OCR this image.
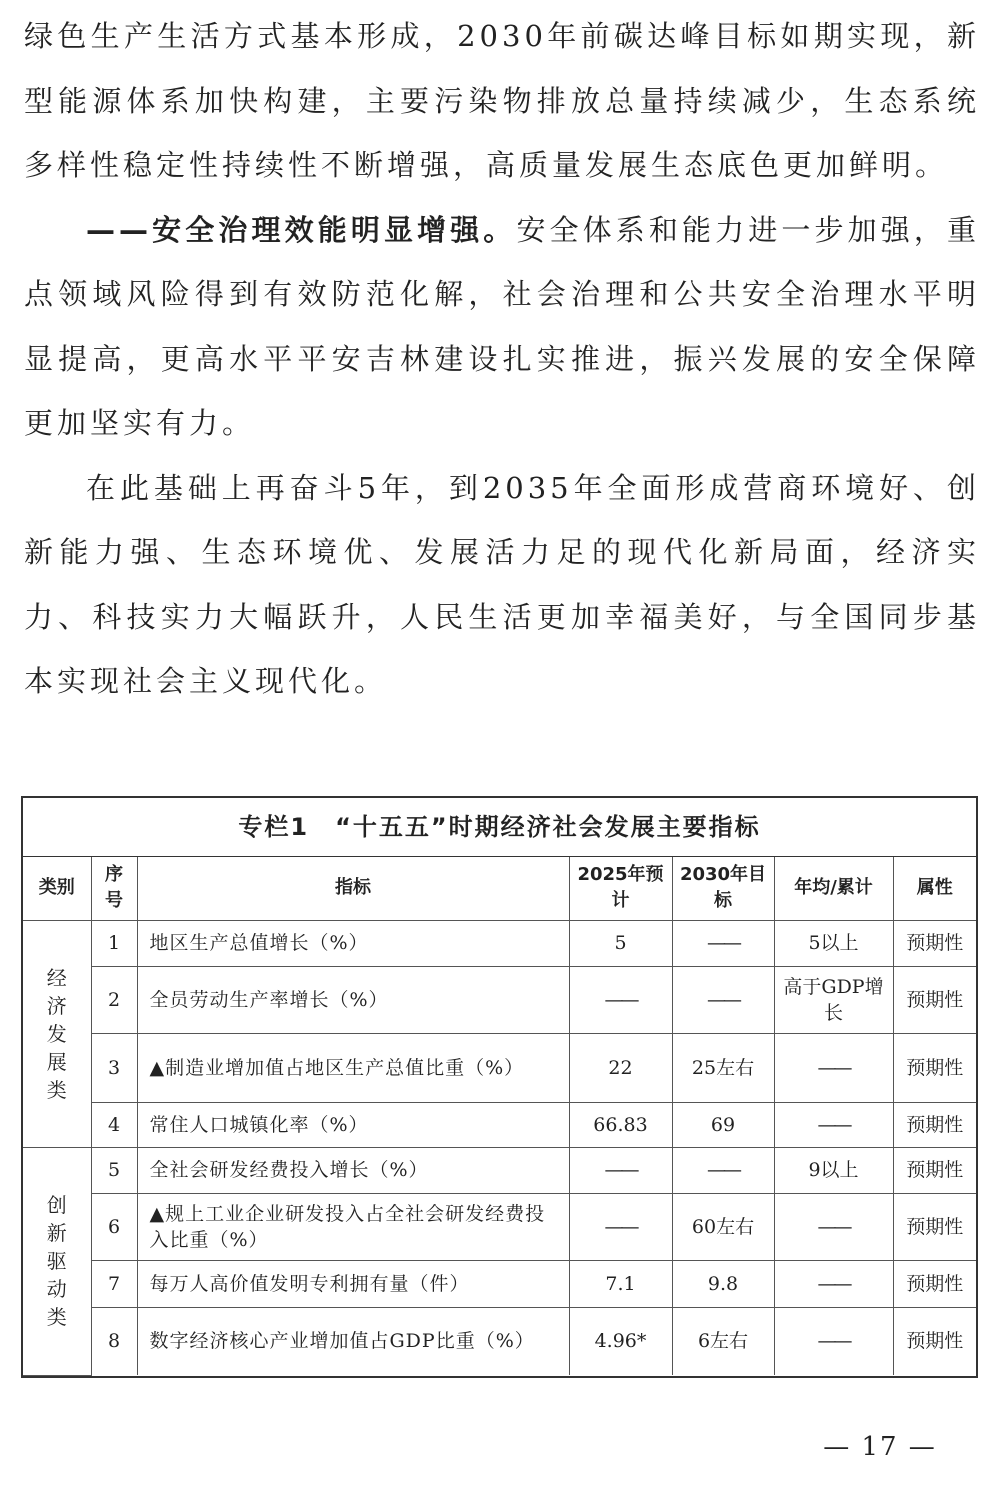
绿色生产生活方式基本形成，2030年前碳达峰目标如期实现，新型能源体系加快构建，主要污染物排放总量持续减少，生态系统多样性稳定性持续性不断增强，高质量发展生态底色更加鲜明。

——安全治理效能明显增强。安全体系和能力进一步加强，重点领域风险得到有效防范化解，社会治理和公共安全治理水平明显提高，更高水平平安吉林建设扎实推进，振兴发展的安全保障更加坚实有力。

在此基础上再奋斗5年，到2035年全面形成营商环境好、创新能力强、生态环境优、发展活力足的现代化新局面，经济实力、科技实力大幅跃升，人民生活更加幸福美好，与全国同步基本实现社会主义现代化。

专栏1　“十五五”时期经济社会发展主要指标
类别	序号	指标	2025年预计	2030年目标	年均/累计	属性

经济发展类	1	地区生产总值增长（%）	5	——	5以上	预期性
	2	全员劳动生产率增长（%）	——	——	高于GDP增长	预期性
	3	▲制造业增加值占地区生产总值比重（%）	22	25左右	——	预期性
	4	常住人口城镇化率（%）	66.83	69	——	预期性

创新驱动类	5	全社会研发经费投入增长（%）	——	——	9以上	预期性
	6	▲规上工业企业研发投入占全社会研发经费投入比重（%）	——	60左右	——	预期性
	7	每万人高价值发明专利拥有量（件）	7.1	9.8	——	预期性
	8	数字经济核心产业增加值占GDP比重（%）	4.96*	6左右	——	预期性
— 17 —
